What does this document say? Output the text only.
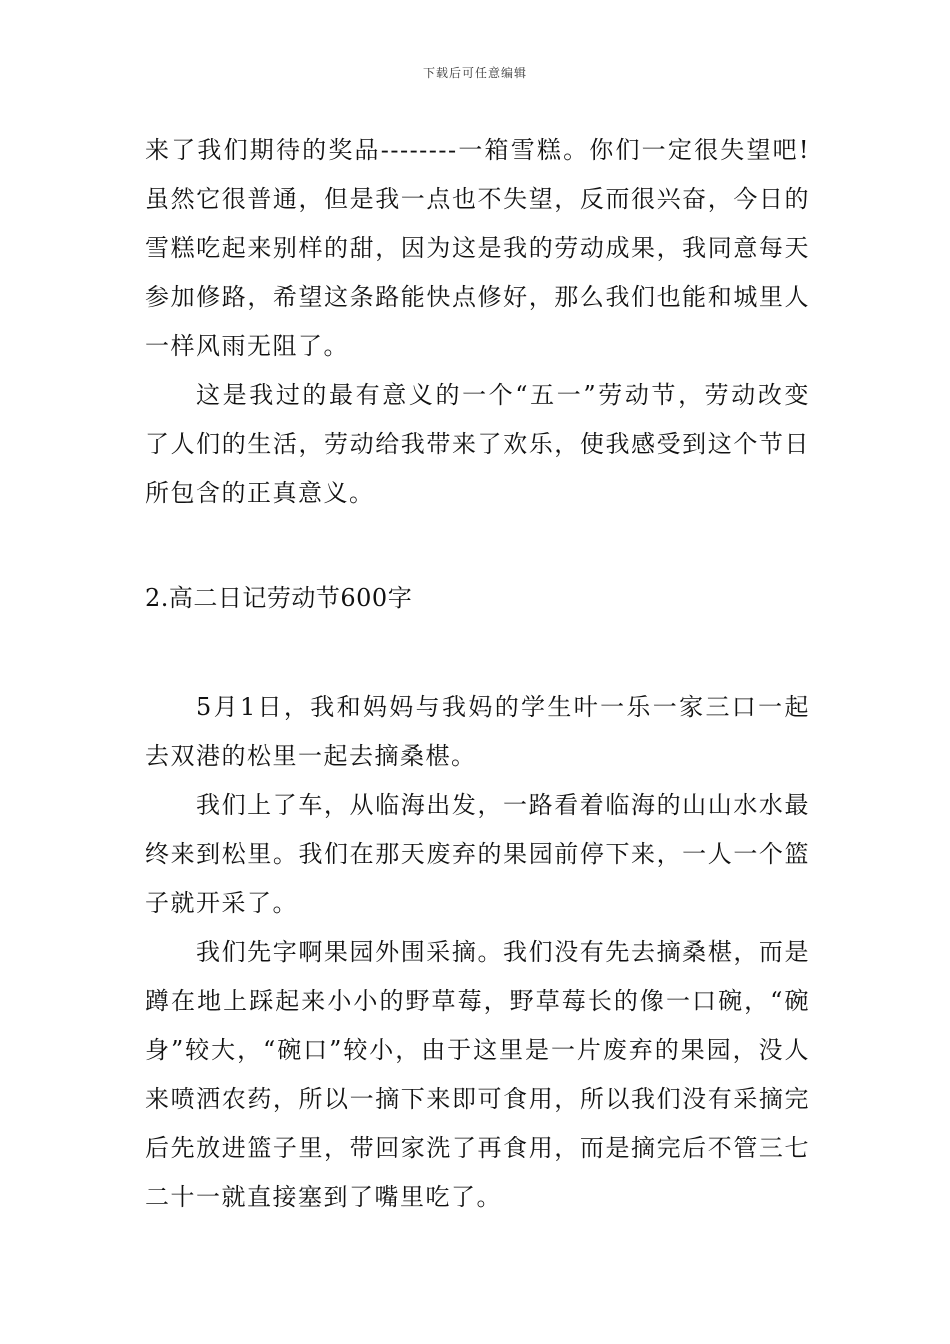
下载后可任意编辑

来了我们期待的奖品--------一箱雪糕。你们一定很失望吧!虽然它很普通，但是我一点也不失望，反而很兴奋，今日的雪糕吃起来别样的甜，因为这是我的劳动成果，我同意每天参加修路，希望这条路能快点修好，那么我们也能和城里人一样风雨无阻了。

这是我过的最有意义的一个“五一”劳动节，劳动改变了人们的生活，劳动给我带来了欢乐，使我感受到这个节日所包含的正真意义。

2.高二日记劳动节600字

5月1日，我和妈妈与我妈的学生叶一乐一家三口一起去双港的松里一起去摘桑椹。

我们上了车，从临海出发，一路看着临海的山山水水最终来到松里。我们在那天废弃的果园前停下来，一人一个篮子就开采了。

我们先字啊果园外围采摘。我们没有先去摘桑椹，而是蹲在地上踩起来小小的野草莓，野草莓长的像一口碗，“碗身”较大，“碗口”较小，由于这里是一片废弃的果园，没人来喷洒农药，所以一摘下来即可食用，所以我们没有采摘完后先放进篮子里，带回家洗了再食用，而是摘完后不管三七二十一就直接塞到了嘴里吃了。
